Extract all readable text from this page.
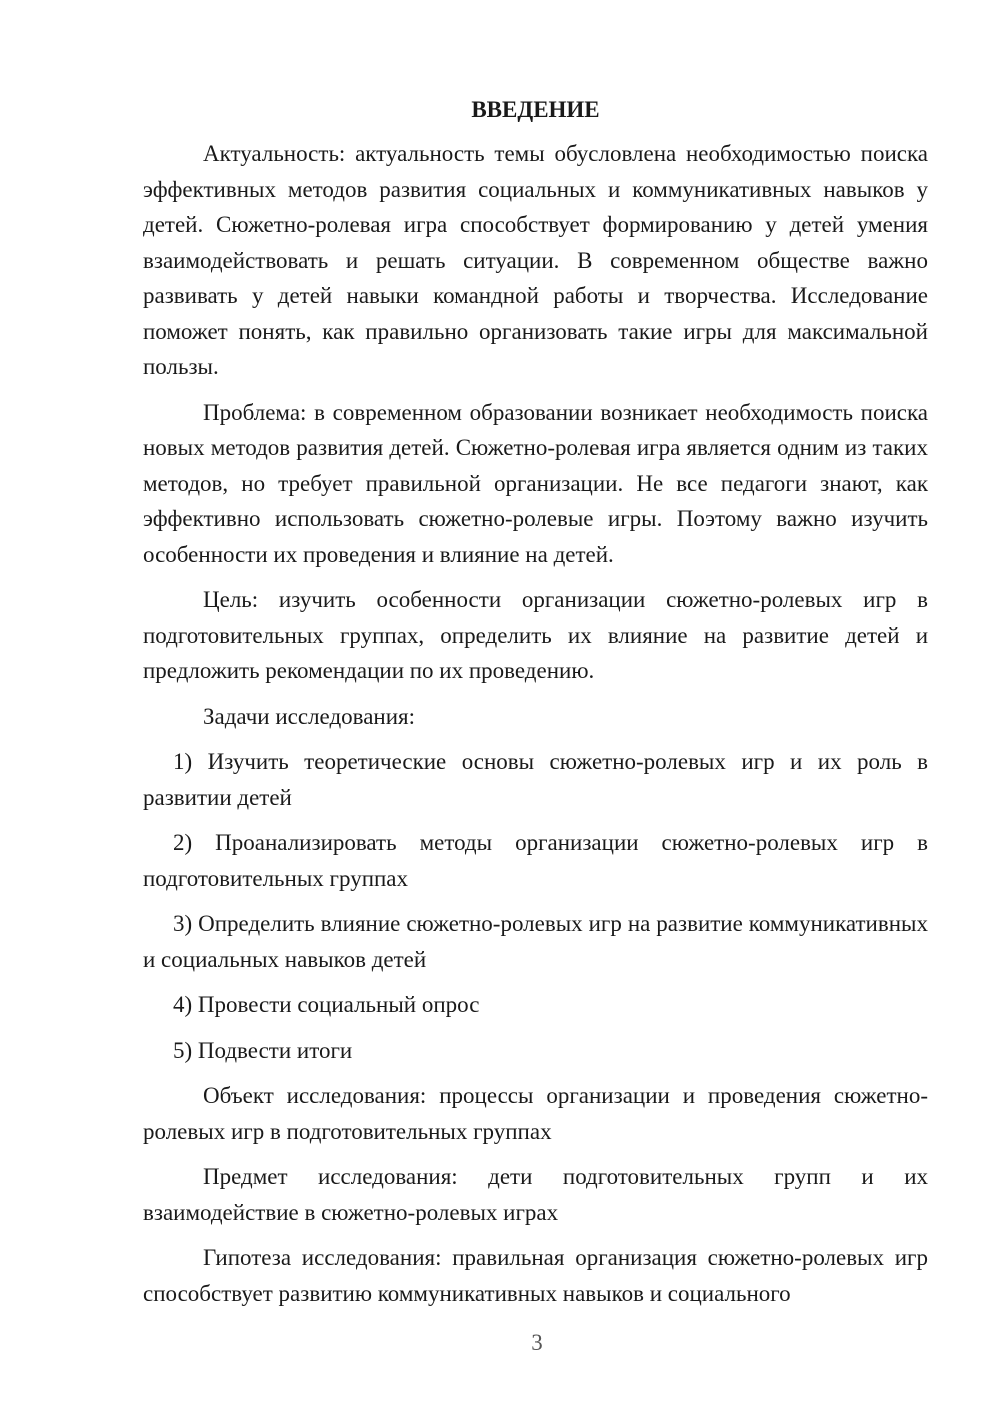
ВВЕДЕНИЕ

Актуальность: актуальность темы обусловлена необходимостью поиска эффективных методов развития социальных и коммуникативных навыков у детей. Сюжетно-ролевая игра способствует формированию у детей умения взаимодействовать и решать ситуации. В современном обществе важно развивать у детей навыки командной работы и творчества. Исследование поможет понять, как правильно организовать такие игры для максимальной пользы.

Проблема: в современном образовании возникает необходимость поиска новых методов развития детей. Сюжетно-ролевая игра является одним из таких методов, но требует правильной организации. Не все педагоги знают, как эффективно использовать сюжетно-ролевые игры. Поэтому важно изучить особенности их проведения и влияние на детей.

Цель: изучить особенности организации сюжетно-ролевых игр в подготовительных группах, определить их влияние на развитие детей и предложить рекомендации по их проведению.

Задачи исследования:

1) Изучить теоретические основы сюжетно-ролевых игр и их роль в развитии детей

2) Проанализировать методы организации сюжетно-ролевых игр в подготовительных группах

3) Определить влияние сюжетно-ролевых игр на развитие коммуникативных и социальных навыков детей

4) Провести социальный опрос

5) Подвести итоги

Объект исследования: процессы организации и проведения сюжетно-ролевых игр в подготовительных группах

Предмет исследования: дети подготовительных групп и их взаимодействие в сюжетно-ролевых играх

Гипотеза исследования: правильная организация сюжетно-ролевых игр способствует развитию коммуникативных навыков и социального

3
